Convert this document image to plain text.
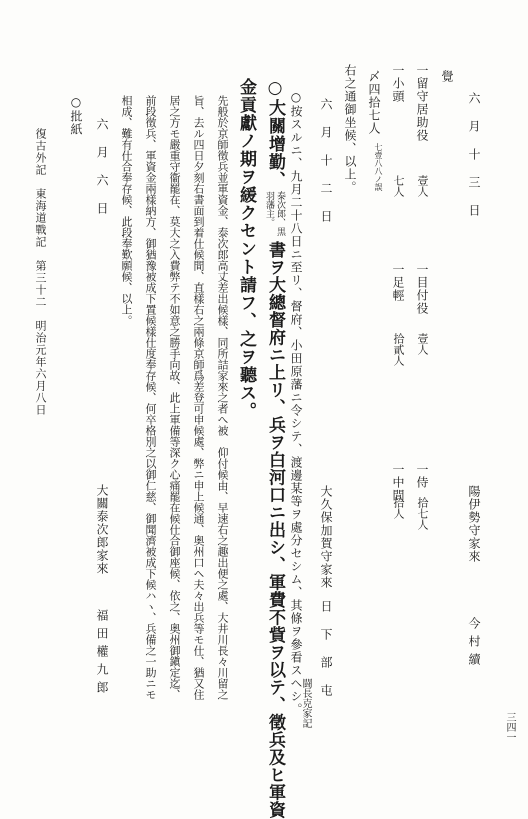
三四一
六月十三日
陽伊勢守家來
今村續
覺
一留守居助役
壹人
一目付役
壹人
一侍
拾七人
一小頭
七人
一足輕
拾貳人
一中間
拾人
〆四拾七人
七壹八八ノ誤
右之通御坐候、以上。
六月十二日
大久保加賀守家來
日下部屯
闘長克家記
○按スルニ、九月二十八日ニ至リ、督府、小田原藩ニ令シテ、渡邊某等ヲ處分セシム、其條ヲ參看スヘシ。
○大關增勤、
泰次郎、黒羽藩主。
書ヲ大總督府ニ上リ、兵ヲ白河口ニ出シ、軍費不貲ヲ以テ、徵兵及ヒ軍資
金貢獻ノ期ヲ緩クセント請フ、之ヲ聽ス。
先般於京師徵兵並軍資金、泰次郎高丈差出候樣、同所詰家來之者へ被　仰付候由、早速右之趣出便之處、大井川長々川留之
旨、去ル四日夕刻右書面到着仕候間、直樣右之兩條京師爲差登可申候處、弊ニ申上候通、奥州口ヘ夫々出兵等モ仕、猶又住
居之方モ嚴重守衞罷在、莫大之入費弊テ不如意之勝手向故、此上軍備等深ク心痛罷在候仕合御座候、依之、奥州御鎭定迄、
前段徵兵、軍資金兩樣納方、御猶豫被成下置候樣仕度奉存候、何卒格別之以御仁慈、御聞濟被成下候ハヽ、兵備之一助ニモ
相成、難有仕合奉存候、此段奉歎願候、以上。
六月六日
大關泰次郎家來
福田權九郎
○批紙
復古外記　東海道戰記　第三十二　明治元年六月八日
